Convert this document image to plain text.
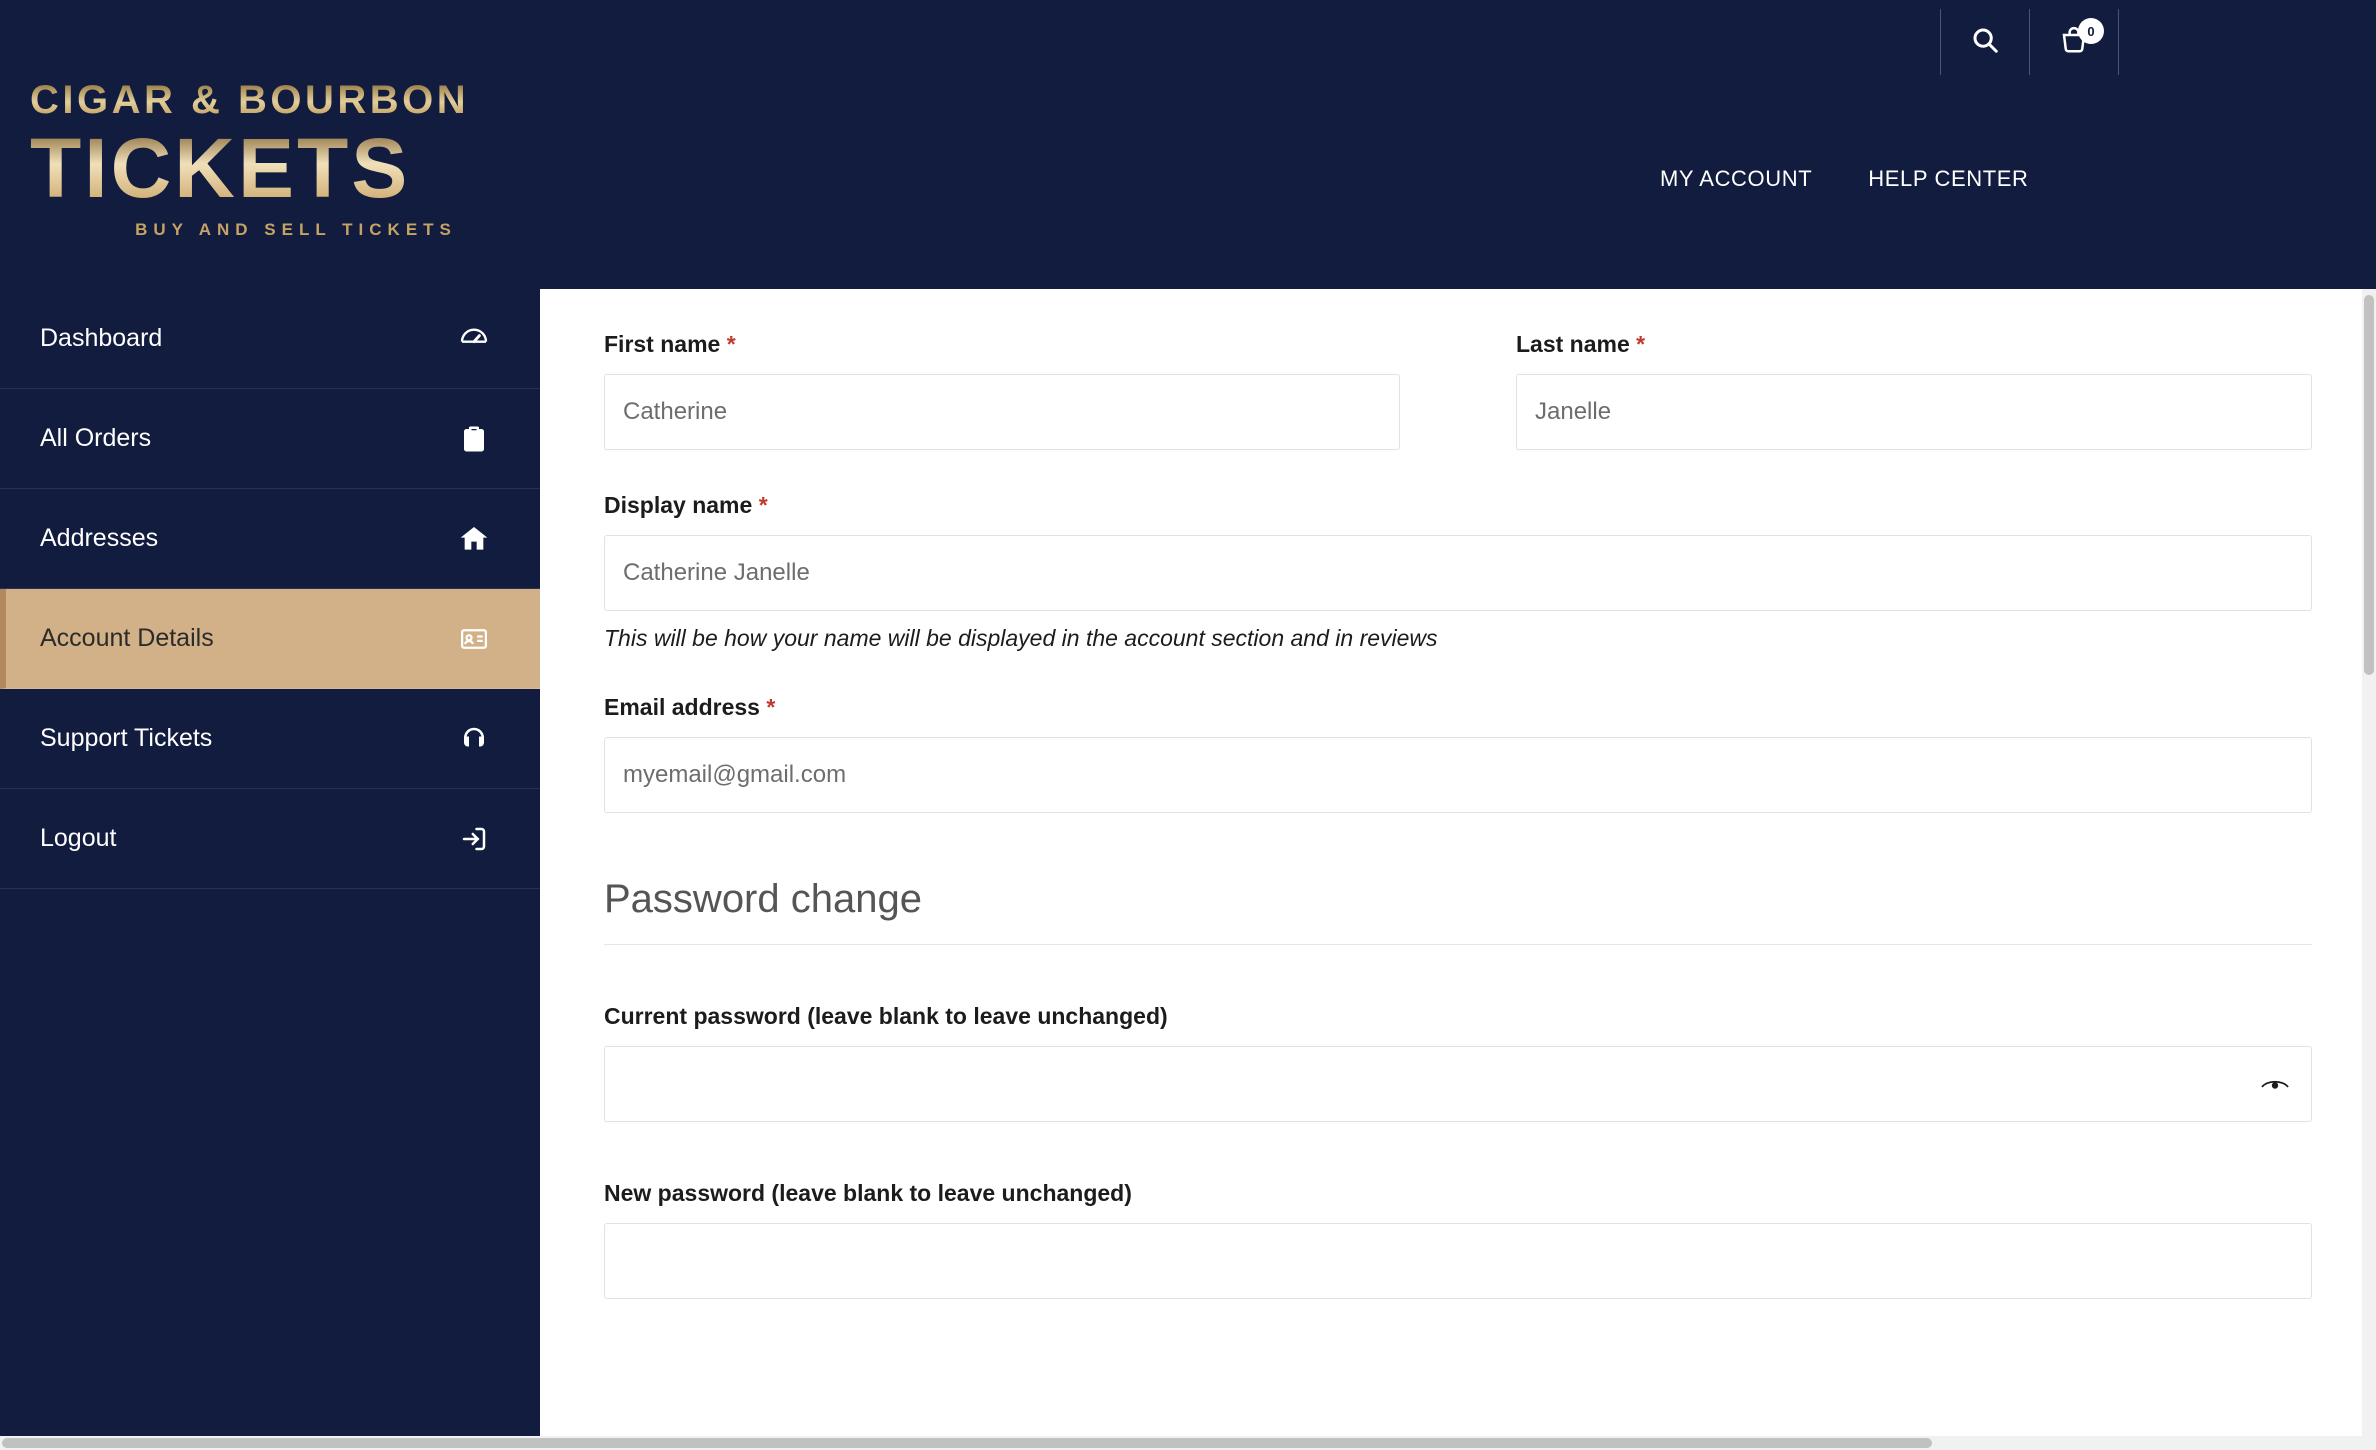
CIGAR & BOURBON
TICKETS
BUY AND SELL TICKETS
0
MY ACCOUNT	HELP CENTER
Dashboard
All Orders
Addresses
Account Details
Support Tickets
Logout
First name *
Catherine	Last name *
Janelle
Display name *
Catherine Janelle
This will be how your name will be displayed in the account section and in reviews
Email address *
myemail@gmail.com
Password change
Current password (leave blank to leave unchanged)
New password (leave blank to leave unchanged)
